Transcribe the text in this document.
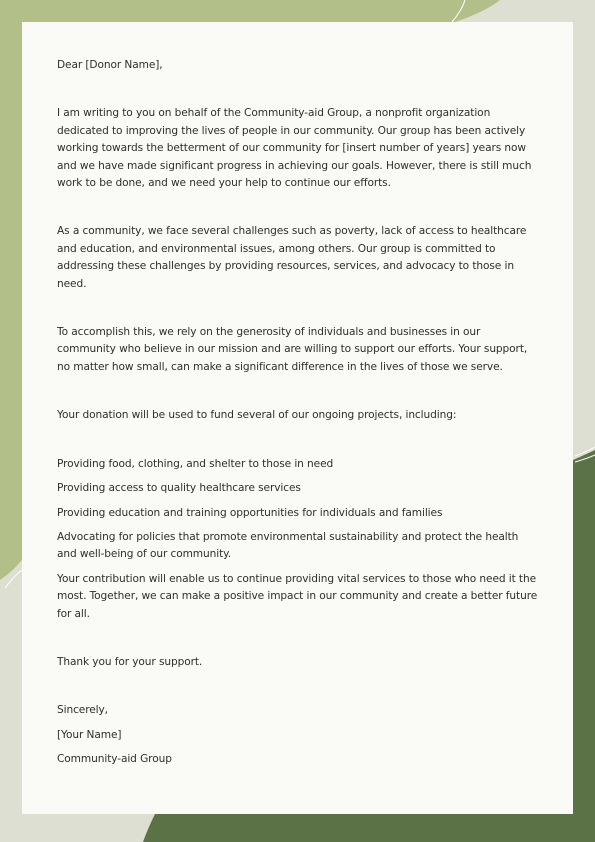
Dear [Donor Name],

I am writing to you on behalf of the Community-aid Group, a nonprofit organization dedicated to improving the lives of people in our community. Our group has been actively working towards the betterment of our community for [insert number of years] years now and we have made significant progress in achieving our goals. However, there is still much work to be done, and we need your help to continue our efforts.

As a community, we face several challenges such as poverty, lack of access to healthcare and education, and environmental issues, among others. Our group is committed to addressing these challenges by providing resources, services, and advocacy to those in need.

To accomplish this, we rely on the generosity of individuals and businesses in our community who believe in our mission and are willing to support our efforts. Your support, no matter how small, can make a significant difference in the lives of those we serve.

Your donation will be used to fund several of our ongoing projects, including:

Providing food, clothing, and shelter to those in need

Providing access to quality healthcare services

Providing education and training opportunities for individuals and families

Advocating for policies that promote environmental sustainability and protect the health and well-being of our community.

Your contribution will enable us to continue providing vital services to those who need it the most. Together, we can make a positive impact in our community and create a better future for all.

Thank you for your support.

Sincerely,

[Your Name]

Community-aid Group
